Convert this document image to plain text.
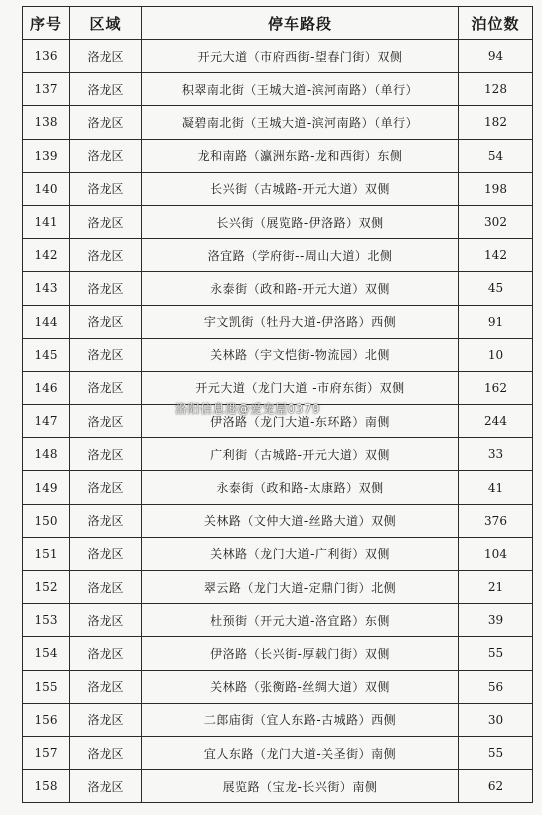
序号	区域	停车路段	泊位数
136	洛龙区	开元大道（市府西街-望春门街）双侧	94
137	洛龙区	积翠南北街（王城大道-滨河南路）（单行）	128
138	洛龙区	凝碧南北街（王城大道-滨河南路）（单行）	182
139	洛龙区	龙和南路（瀛洲东路-龙和西街）东侧	54
140	洛龙区	长兴街（古城路-开元大道）双侧	198
141	洛龙区	长兴街（展览路-伊洛路）双侧	302
142	洛龙区	洛宜路（学府街--周山大道）北侧	142
143	洛龙区	永泰街（政和路-开元大道）双侧	45
144	洛龙区	宇文凯街（牡丹大道-伊洛路）西侧	91
145	洛龙区	关林路（宇文恺街-物流园）北侧	10
146	洛龙区	开元大道（龙门大道 -市府东街）双侧	162
147	洛龙区	伊洛路（龙门大道-东环路）南侧	244
148	洛龙区	广利街（古城路-开元大道）双侧	33
149	洛龙区	永泰街（政和路-太康路）双侧	41
150	洛龙区	关林路（文仲大道-丝路大道）双侧	376
151	洛龙区	关林路（龙门大道-广利街）双侧	104
152	洛龙区	翠云路（龙门大道-定鼎门街）北侧	21
153	洛龙区	杜预街（开元大道-洛宜路）东侧	39
154	洛龙区	伊洛路（长兴街-厚载门街）双侧	55
155	洛龙区	关林路（张衡路-丝绸大道）双侧	56
156	洛龙区	二郎庙街（宜人东路-古城路）西侧	30
157	洛龙区	宜人东路（龙门大道-关圣街）南侧	55
158	洛龙区	展览路（宝龙-长兴街）南侧	62
洛阳信息港@爱宠屋0379
